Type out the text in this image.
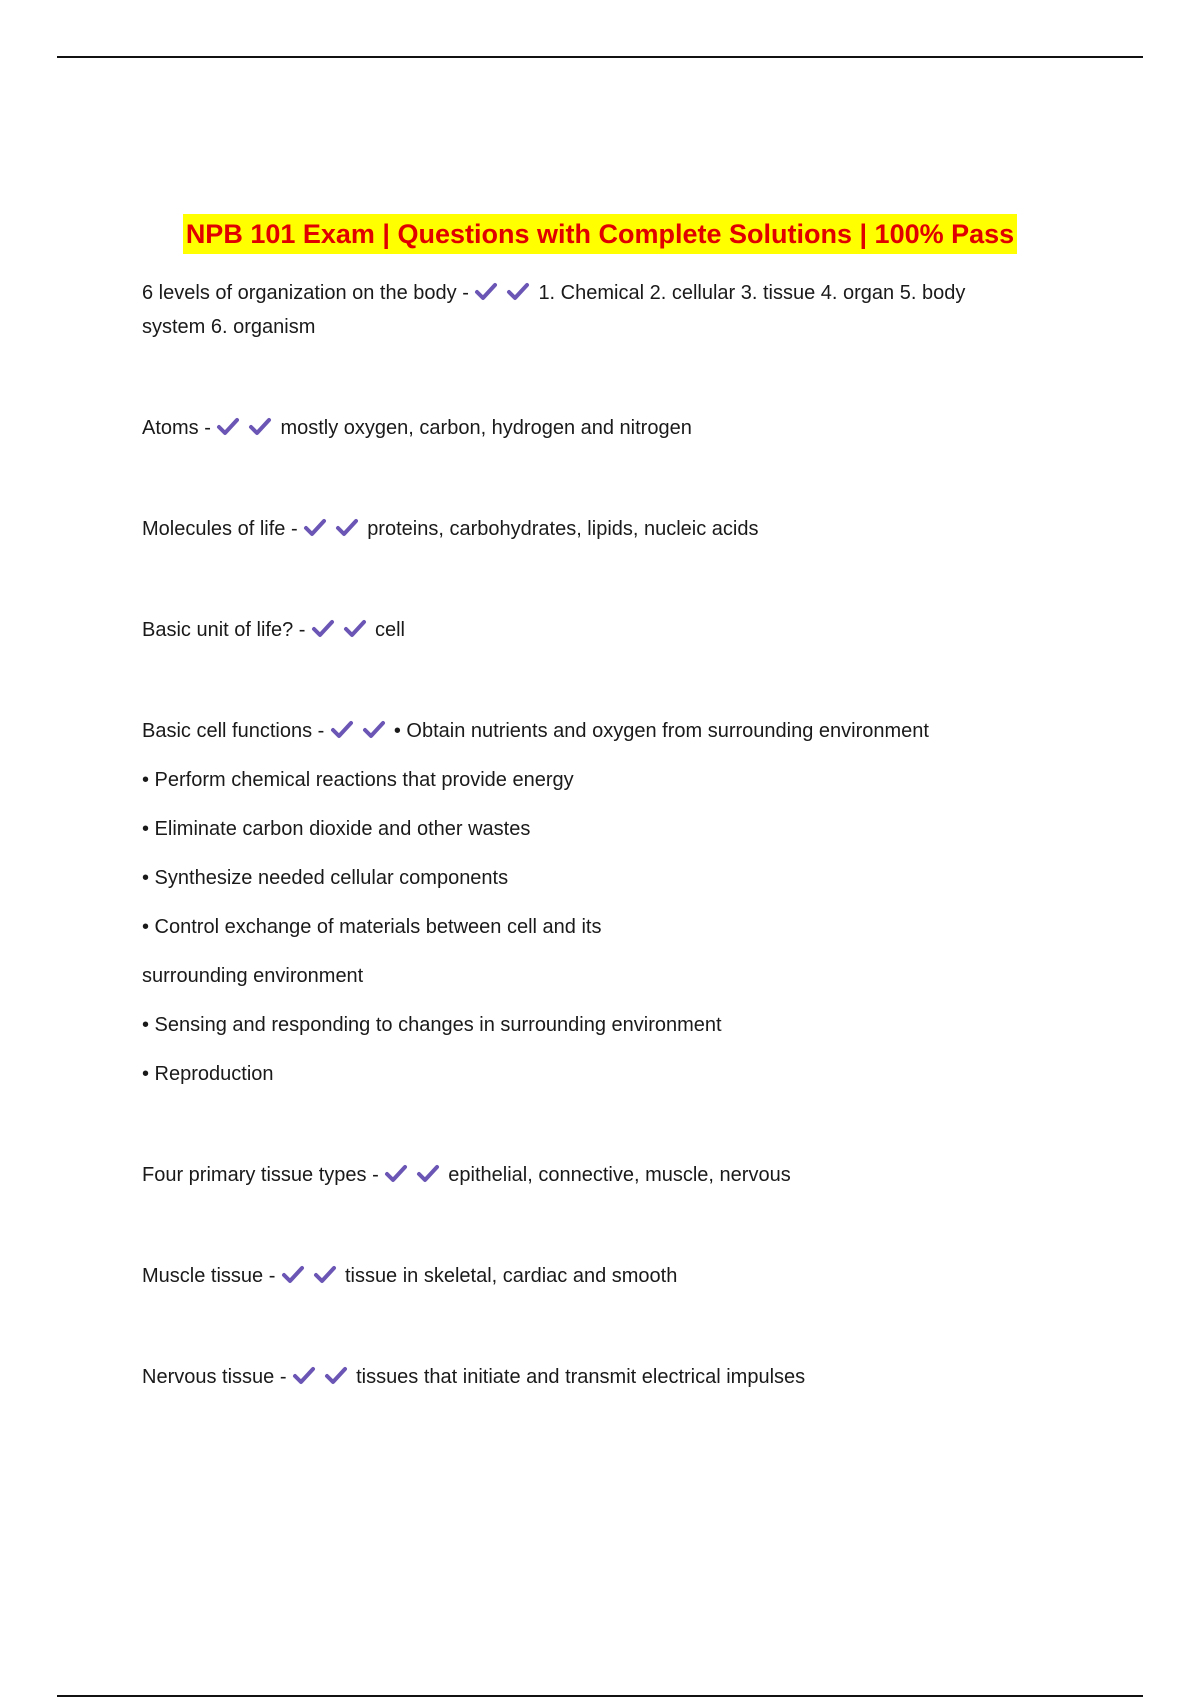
NPB 101 Exam | Questions with Complete Solutions | 100% Pass

6 levels of organization on the body -	1. Chemical 2. cellular 3. tissue 4. organ 5. body system 6. organism

Atoms -	mostly oxygen, carbon, hydrogen and nitrogen

Molecules of life -	proteins, carbohydrates, lipids, nucleic acids

Basic unit of life? -	cell

Basic cell functions -	• Obtain nutrients and oxygen from surrounding environment
• Perform chemical reactions that provide energy
• Eliminate carbon dioxide and other wastes
• Synthesize needed cellular components
• Control exchange of materials between cell and its
surrounding environment
• Sensing and responding to changes in surrounding environment
• Reproduction

Four primary tissue types -	epithelial, connective, muscle, nervous

Muscle tissue -	tissue in skeletal, cardiac and smooth

Nervous tissue -	tissues that initiate and transmit electrical impulses
